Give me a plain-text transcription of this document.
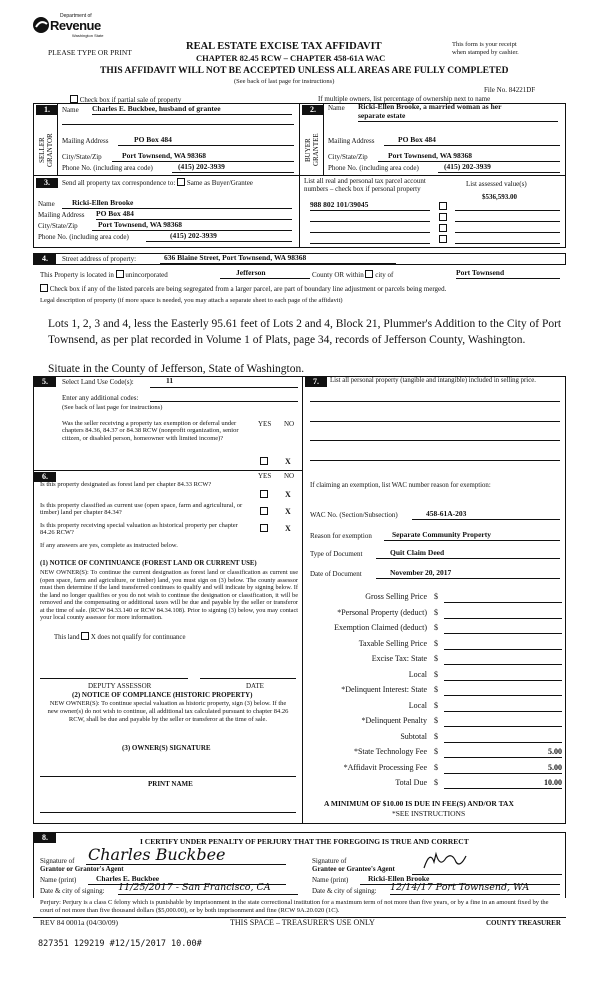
Department of
Revenue
Washington State
PLEASE TYPE OR PRINT
REAL ESTATE EXCISE TAX AFFIDAVIT
CHAPTER 82.45 RCW – CHAPTER 458-61A WAC
THIS AFFIDAVIT WILL NOT BE ACCEPTED UNLESS ALL AREAS ARE FULLY COMPLETED
(See back of last page for instructions)
This form is your receipt
when stamped by cashier.
File No. 84221DF
Check box if partial sale of property	If multiple owners, list percentage of ownership next to name
1.
SELLER GRANTOR
Name Charles E. Buckbee, husband of grantee
Mailing Address	PO Box 484
City/State/Zip	Port Townsend, WA 98368
Phone No. (including area code)	(415) 202-3939
2.
BUYER GRANTEE
Name Ricki-Ellen Brooke, a married woman as her
separate estate
Mailing Address	PO Box 484
City/State/Zip	Port Townsend, WA 98368
Phone No. (including area code)	(415) 202-3939
3.	Send all property tax correspondence to: Same as Buyer/Grantee
Name	Ricki-Ellen Brooke
Mailing Address PO Box 484
City/State/Zip	Port Townsend, WA 98368
Phone No. (including area code)	(415) 202-3939
List all real and personal tax parcel account
numbers – check box if personal property
List assessed value(s)
$536,593.00
988 802 101/39045
4.	Street address of property:	636 Blaine Street, Port Townsend, WA 98368
This Property is located in unincorporated	Jefferson	County OR within city of	Port Townsend
Check box if any of the listed parcels are being segregated from a larger parcel, are part of boundary line adjustment or parcels being merged.
Legal description of property (if more space is needed, you may attach a separate sheet to each page of the affidavit)
Lots 1, 2, 3 and 4, less the Easterly 95.61 feet of Lots 2 and 4, Block 21, Plummer's Addition to the City of Port
Townsend, as per plat recorded in Volume 1 of Plats, page 34, records of Jefferson County, Washington.
Situate in the County of Jefferson, State of Washington.
5.	Select Land Use Code(s):	11
Enter any additional codes:
(See back of last page for instructions)
YES NO
Was the seller receiving a property tax exemption or deferral under chapters 84.36, 84.37 or 84.38 RCW (nonprofit organization, senior citizen, or disabled person, homeowner with limited income)?
X
6.	YES NO
Is this property designated as forest land per chapter 84.33 RCW?
X
Is this property classified as current use (open space, farm and agricultural, or timber) land per chapter 84.34?	X
Is this property receiving special valuation as historical property per chapter 84.26 RCW?	X
If any answers are yes, complete as instructed below.
(1) NOTICE OF CONTINUANCE (FOREST LAND OR CURRENT USE)
NEW OWNER(S): To continue the current designation as forest land or classification as current use (open space, farm and agriculture, or timber) land, you must sign on (3) below. The county assessor must then determine if the land transferred continues to qualify and will indicate by signing below. If the land no longer qualifies or you do not wish to continue the designation or classification, it will be removed and the compensating or additional taxes will be due and payable by the seller or transferor at the time of sale. (RCW 84.33.140 or RCW 84.34.108). Prior to signing (3) below, you may contact your local county assessor for more information.
This land X does not qualify for continuance
DEPUTY ASSESSOR	DATE
(2) NOTICE OF COMPLIANCE (HISTORIC PROPERTY)
NEW OWNER(S): To continue special valuation as historic property, sign (3) below. If the new owner(s) do not wish to continue, all additional tax calculated pursuant to chapter 84.26 RCW, shall be due and payable by the seller or transferor at the time of sale.
(3) OWNER(S) SIGNATURE
PRINT NAME
7.	List all personal property (tangible and intangible) included in selling price.
If claiming an exemption, list WAC number reason for exemption:
WAC No. (Section/Subsection)	458-61A-203
Reason for exemption	Separate Community Property
Type of Document	Quit Claim Deed
Date of Document	November 20, 2017
Gross Selling Price $
*Personal Property (deduct) $
Exemption Claimed (deduct) $
Taxable Selling Price $
Excise Tax: State $
Local $
*Delinquent Interest: State $
Local $
*Delinquent Penalty $
Subtotal $
*State Technology Fee $	5.00
*Affidavit Processing Fee $	5.00
Total Due $	10.00
A MINIMUM OF $10.00 IS DUE IN FEE(S) AND/OR TAX
*SEE INSTRUCTIONS
8.	I CERTIFY UNDER PENALTY OF PERJURY THAT THE FOREGOING IS TRUE AND CORRECT
Signature of
Grantor or Grantor's Agent
Charles Buckbee
Name (print)	Charles E. Buckbee
Date & city of signing: 11/25/2017 - San Francisco, CA
Signature of
Grantee or Grantee's Agent
Name (print)	Ricki-Ellen Brooke
Date & city of signing: 12/14/17 Port Townsend, WA
Perjury: Perjury is a class C felony which is punishable by imprisonment in the state correctional institution for a maximum term of not more than five years, or by a fine in an amount fixed by the court of not more than five thousand dollars ($5,000.00), or by both imprisonment and fine (RCW 9A.20.020 (1C).
REV 84 0001a (04/30/09)	THIS SPACE – TREASURER'S USE ONLY	COUNTY TREASURER
827351 129219 #12/15/2017 10.00#
